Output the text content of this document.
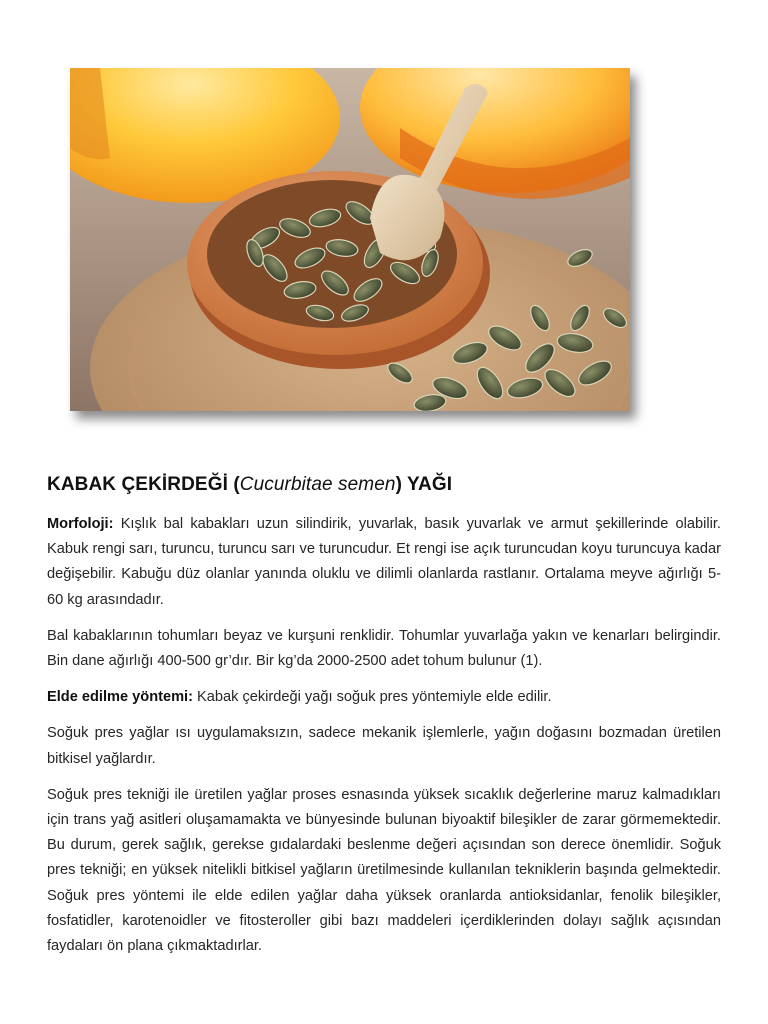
KABAK ÇEKİRDEĞİ (Cucurbitae semen) YAĞI

Morfoloji: Kışlık bal kabakları uzun silindirik, yuvarlak, basık yuvarlak ve armut şekillerinde olabilir. Kabuk rengi sarı, turuncu, turuncu sarı ve turuncudur. Et rengi ise açık turuncudan koyu turuncuya kadar değişebilir. Kabuğu düz olanlar yanında oluklu ve dilimli olanlarda rastlanır. Ortalama meyve ağırlığı 5-60 kg arasındadır.

Bal kabaklarının tohumları beyaz ve kurşuni renklidir. Tohumlar yuvarlağa yakın ve kenarları belirgindir. Bin dane ağırlığı 400-500 gr’dır. Bir kg’da 2000-2500 adet tohum bulunur (1).

Elde edilme yöntemi: Kabak çekirdeği yağı soğuk pres yöntemiyle elde edilir.

Soğuk pres yağlar ısı uygulamaksızın, sadece mekanik işlemlerle, yağın doğasını bozmadan üretilen bitkisel yağlardır.

Soğuk pres tekniği ile üretilen yağlar proses esnasında yüksek sıcaklık değerlerine maruz kalmadıkları için trans yağ asitleri oluşamamakta ve bünyesinde bulunan biyoaktif bileşikler de zarar görmemektedir. Bu durum, gerek sağlık, gerekse gıdalardaki beslenme değeri açısından son derece önemlidir. Soğuk pres tekniği; en yüksek nitelikli bitkisel yağların üretilmesinde kullanılan tekniklerin başında gelmektedir. Soğuk pres yöntemi ile elde edilen yağlar daha yüksek oranlarda antioksidanlar, fenolik bileşikler, fosfatidler, karotenoidler ve fitosteroller gibi bazı maddeleri içerdiklerinden dolayı sağlık açısından faydaları ön plana çıkmaktadırlar.
